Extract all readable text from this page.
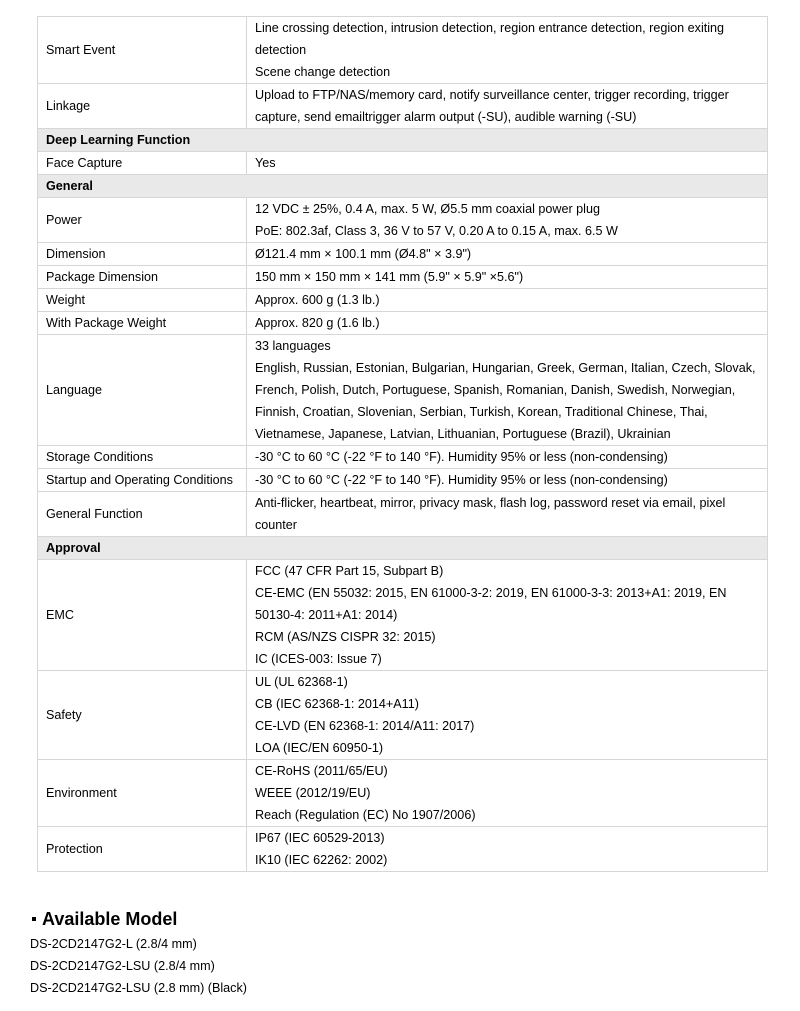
Smart Event	Line crossing detection, intrusion detection, region entrance detection, region exiting detection
Scene change detection

Linkage	Upload to FTP/NAS/memory card, notify surveillance center, trigger recording, trigger capture, send emailtrigger alarm output (-SU), audible warning (-SU)

Deep Learning Function	
Face Capture	Yes

General	
Power	12 VDC ± 25%, 0.4 A, max. 5 W, Ø5.5 mm coaxial power plug
PoE: 802.3af, Class 3, 36 V to 57 V, 0.20 A to 0.15 A, max. 6.5 W

Dimension	Ø121.4 mm × 100.1 mm (Ø4.8" × 3.9")

Package Dimension	150 mm × 150 mm × 141 mm (5.9" × 5.9" ×5.6")

Weight	Approx. 600 g (1.3 lb.)

With Package Weight	Approx. 820 g (1.6 lb.)

Language	33 languages
English, Russian, Estonian, Bulgarian, Hungarian, Greek, German, Italian, Czech, Slovak, French, Polish, Dutch, Portuguese, Spanish, Romanian, Danish, Swedish, Norwegian, Finnish, Croatian, Slovenian, Serbian, Turkish, Korean, Traditional Chinese, Thai, Vietnamese, Japanese, Latvian, Lithuanian, Portuguese (Brazil), Ukrainian

Storage Conditions	-30 °C to 60 °C (-22 °F to 140 °F). Humidity 95% or less (non-condensing)

Startup and Operating Conditions	-30 °C to 60 °C (-22 °F to 140 °F). Humidity 95% or less (non-condensing)

General Function	Anti-flicker, heartbeat, mirror, privacy mask, flash log, password reset via email, pixel counter

Approval	
EMC	FCC (47 CFR Part 15, Subpart B)
CE-EMC (EN 55032: 2015, EN 61000-3-2: 2019, EN 61000-3-3: 2013+A1: 2019, EN 50130-4: 2011+A1: 2014)
RCM (AS/NZS CISPR 32: 2015)
IC (ICES-003: Issue 7)

Safety	UL (UL 62368-1)
CB (IEC 62368-1: 2014+A11)
CE-LVD (EN 62368-1: 2014/A11: 2017)
LOA (IEC/EN 60950-1)

Environment	CE-RoHS (2011/65/EU)
WEEE (2012/19/EU)
Reach (Regulation (EC) No 1907/2006)

Protection	IP67 (IEC 60529-2013)
IK10 (IEC 62262: 2002)
Available Model
DS-2CD2147G2-L (2.8/4 mm)
DS-2CD2147G2-LSU (2.8/4 mm)
DS-2CD2147G2-LSU (2.8 mm) (Black)
